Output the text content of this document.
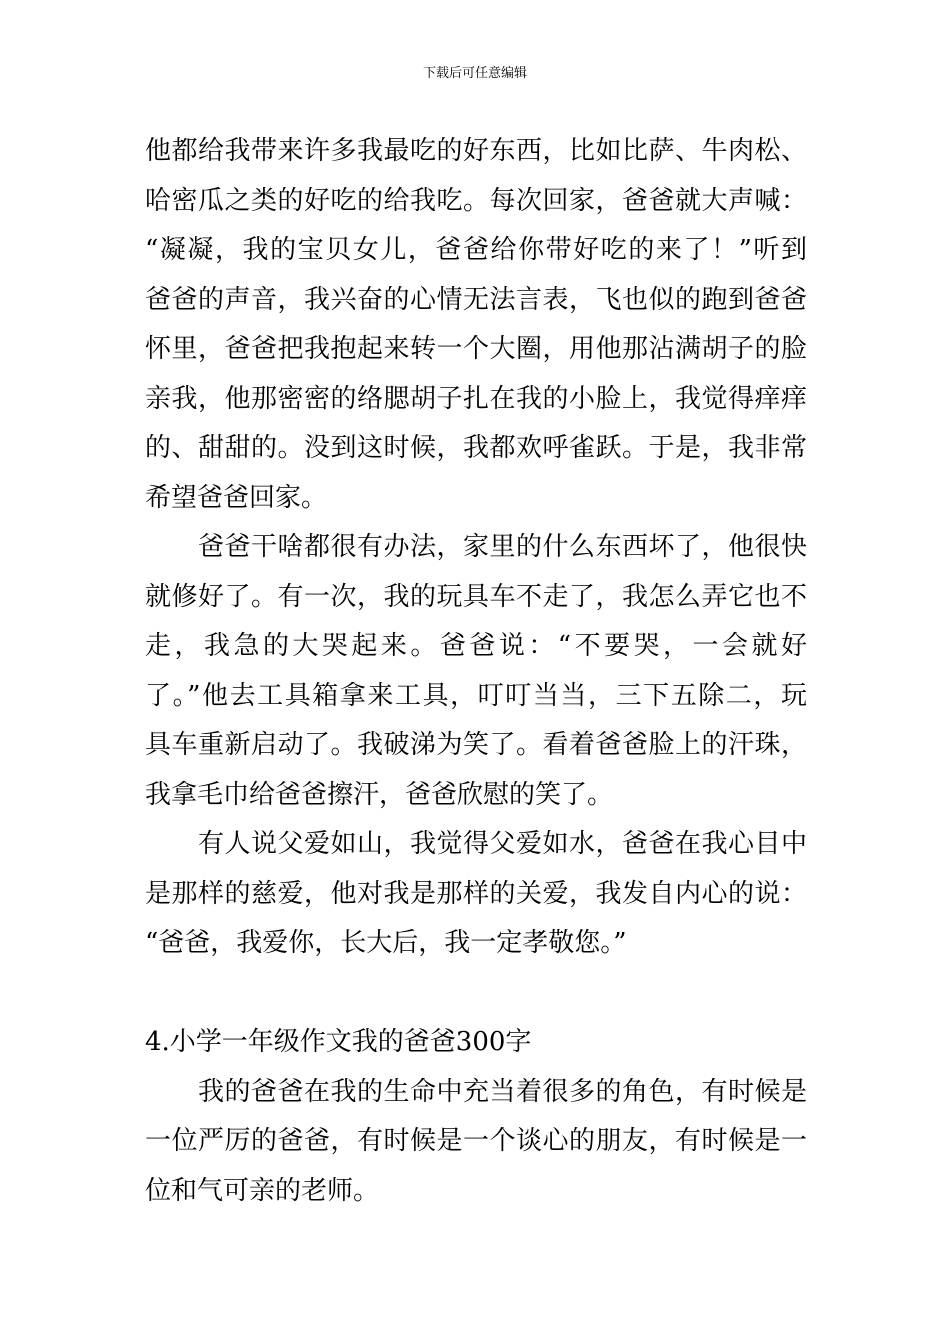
下载后可任意编辑
他都给我带来许多我最吃的好东西，比如比萨、牛肉松、
哈密瓜之类的好吃的给我吃。每次回家，爸爸就大声喊：
“凝凝，我的宝贝女儿，爸爸给你带好吃的来了！”听到
爸爸的声音，我兴奋的心情无法言表，飞也似的跑到爸爸
怀里，爸爸把我抱起来转一个大圈，用他那沾满胡子的脸
亲我，他那密密的络腮胡子扎在我的小脸上，我觉得痒痒
的、甜甜的。没到这时候，我都欢呼雀跃。于是，我非常
希望爸爸回家。
　　爸爸干啥都很有办法，家里的什么东西坏了，他很快
就修好了。有一次，我的玩具车不走了，我怎么弄它也不
走，我急的大哭起来。爸爸说：“不要哭，一会就好
了。”他去工具箱拿来工具，叮叮当当，三下五除二，玩
具车重新启动了。我破涕为笑了。看着爸爸脸上的汗珠，
我拿毛巾给爸爸擦汗，爸爸欣慰的笑了。
　　有人说父爱如山，我觉得父爱如水，爸爸在我心目中
是那样的慈爱，他对我是那样的关爱，我发自内心的说：
“爸爸，我爱你，长大后，我一定孝敬您。”
4.小学一年级作文我的爸爸300字
　　我的爸爸在我的生命中充当着很多的角色，有时候是
一位严厉的爸爸，有时候是一个谈心的朋友，有时候是一
位和气可亲的老师。
